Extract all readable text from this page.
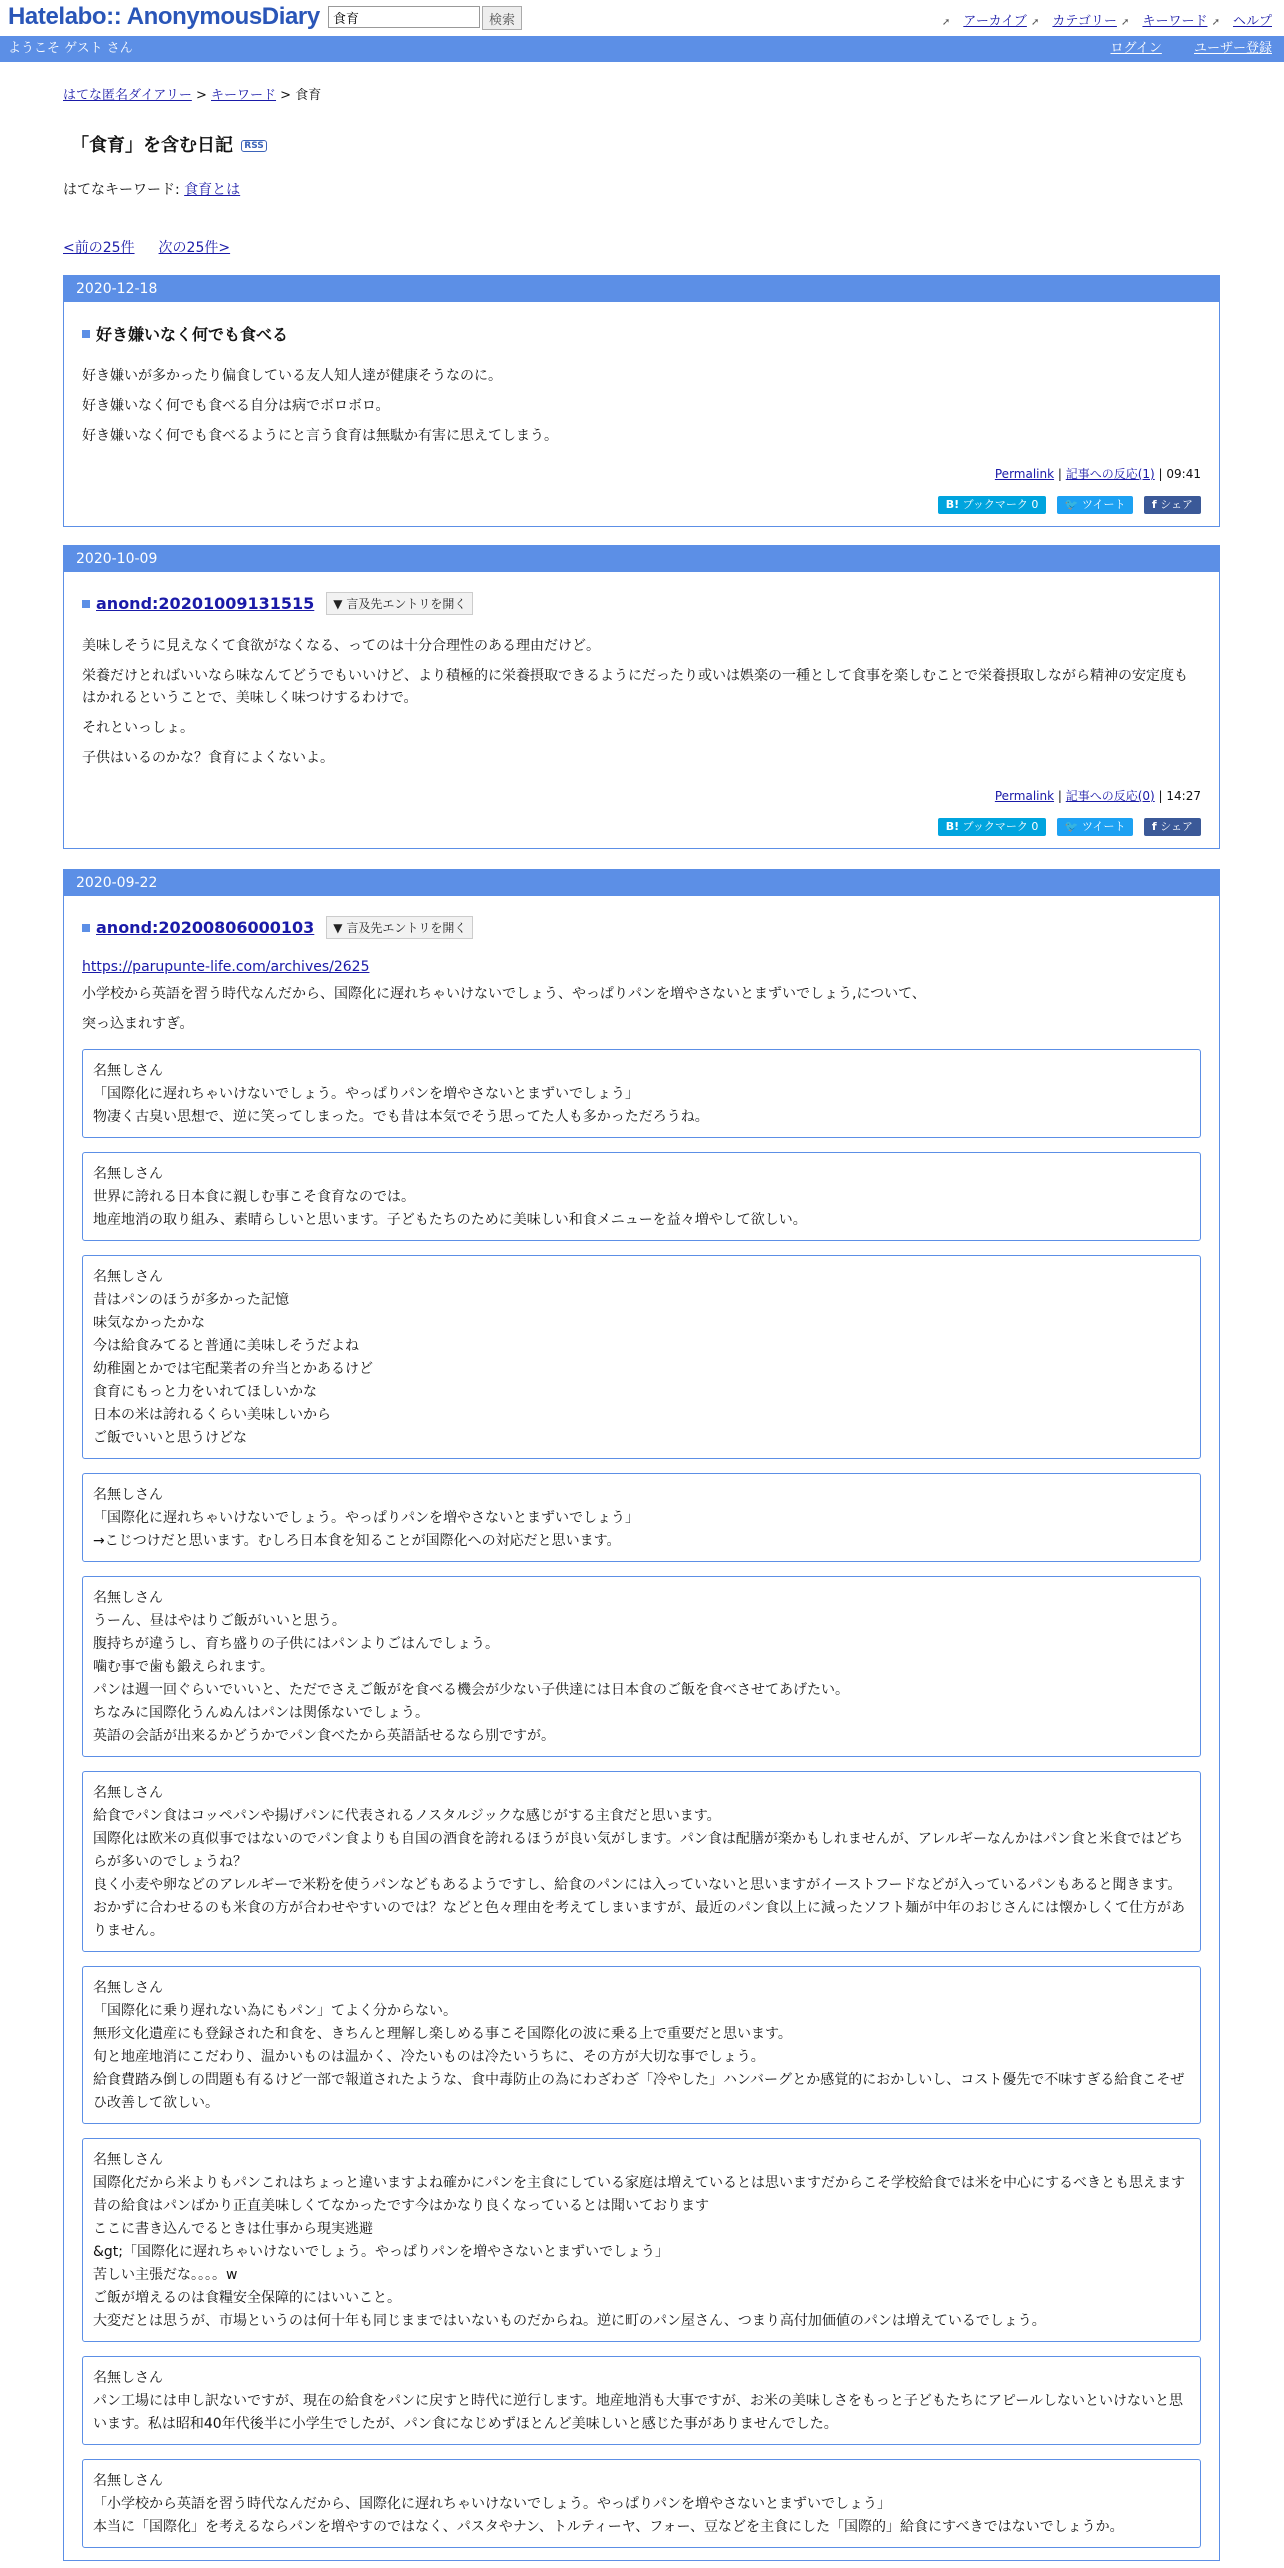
Hatelabo:: AnonymousDiary
食育	検索	➚ アーカイブ ➚ カテゴリー ➚ キーワード ➚ ヘルプ
ようこそ ゲスト さん	ログイン ユーザー登録
はてな匿名ダイアリー > キーワード > 食育
「食育」を含む日記 RSS
はてなキーワード: 食育とは
<前の25件 次の25件>
2020-12-18
好き嫌いなく何でも食べる
好き嫌いが多かったり偏食している友人知人達が健康そうなのに。
好き嫌いなく何でも食べる自分は病でボロボロ。
好き嫌いなく何でも食べるようにと言う食育は無駄か有害に思えてしまう。
Permalink | 記事への反応(1) | 09:41
B! ブックマーク 0 🐦 ツイート f シェア
2020-10-09
anond:20201009131515	▼ 言及先エントリを開く
美味しそうに見えなくて食欲がなくなる、ってのは十分合理性のある理由だけど。
栄養だけとればいいなら味なんてどうでもいいけど、より積極的に栄養摂取できるようにだったり或いは娯楽の一種として食事を楽しむことで栄養摂取しながら精神の安定度もはかれるということで、美味しく味つけするわけで。
それといっしょ。
子供はいるのかな？食育によくないよ。
Permalink | 記事への反応(0) | 14:27
B! ブックマーク 0 🐦 ツイート f シェア
2020-09-22
anond:20200806000103	▼ 言及先エントリを開く
https://parupunte-life.com/archives/2625
小学校から英語を習う時代なんだから、国際化に遅れちゃいけないでしょう、やっぱりパンを増やさないとまずいでしょう,について、
突っ込まれすぎ。
名無しさん
「国際化に遅れちゃいけないでしょう。やっぱりパンを増やさないとまずいでしょう」
物凄く古臭い思想で、逆に笑ってしまった。でも昔は本気でそう思ってた人も多かっただろうね。
名無しさん
世界に誇れる日本食に親しむ事こそ食育なのでは。
地産地消の取り組み、素晴らしいと思います。子どもたちのために美味しい和食メニューを益々増やして欲しい。
名無しさん
昔はパンのほうが多かった記憶
味気なかったかな
今は給食みてると普通に美味しそうだよね
幼稚園とかでは宅配業者の弁当とかあるけど
食育にもっと力をいれてほしいかな
日本の米は誇れるくらい美味しいから
ご飯でいいと思うけどな
名無しさん
「国際化に遅れちゃいけないでしょう。やっぱりパンを増やさないとまずいでしょう」
→こじつけだと思います。むしろ日本食を知ることが国際化への対応だと思います。
名無しさん
うーん、昼はやはりご飯がいいと思う。
腹持ちが違うし、育ち盛りの子供にはパンよりごはんでしょう。
噛む事で歯も鍛えられます。
パンは週一回ぐらいでいいと、ただでさえご飯がを食べる機会が少ない子供達には日本食のご飯を食べさせてあげたい。
ちなみに国際化うんぬんはパンは関係ないでしょう。
英語の会話が出来るかどうかでパン食べたから英語話せるなら別ですが。
名無しさん
給食でパン食はコッペパンや揚げパンに代表されるノスタルジックな感じがする主食だと思います。
国際化は欧米の真似事ではないのでパン食よりも自国の酒食を誇れるほうが良い気がします。パン食は配膳が楽かもしれませんが、アレルギーなんかはパン食と米食ではどちらが多いのでしょうね？
良く小麦や卵などのアレルギーで米粉を使うパンなどもあるようですし、給食のパンには入っていないと思いますがイーストフードなどが入っているパンもあると聞きます。
おかずに合わせるのも米食の方が合わせやすいのでは？などと色々理由を考えてしまいますが、最近のパン食以上に減ったソフト麺が中年のおじさんには懐かしくて仕方がありません。
名無しさん
「国際化に乗り遅れない為にもパン」てよく分からない。
無形文化遺産にも登録された和食を、きちんと理解し楽しめる事こそ国際化の波に乗る上で重要だと思います。
旬と地産地消にこだわり、温かいものは温かく、冷たいものは冷たいうちに、その方が大切な事でしょう。
給食費踏み倒しの問題も有るけど一部で報道されたような、食中毒防止の為にわざわざ「冷やした」ハンバーグとか感覚的におかしいし、コスト優先で不味すぎる給食こそぜひ改善して欲しい。
名無しさん
国際化だから米よりもパンこれはちょっと違いますよね確かにパンを主食にしている家庭は増えているとは思いますだからこそ学校給食では米を中心にするべきとも思えます
昔の給食はパンばかり正直美味しくてなかったです今はかなり良くなっているとは聞いております
ここに書き込んでるときは仕事から現実逃避
&gt;「国際化に遅れちゃいけないでしょう。やっぱりパンを増やさないとまずいでしょう」
苦しい主張だな。。。。w
ご飯が増えるのは食糧安全保障的にはいいこと。
大変だとは思うが、市場というのは何十年も同じままではいないものだからね。逆に町のパン屋さん、つまり高付加価値のパンは増えているでしょう。
名無しさん
パン工場には申し訳ないですが、現在の給食をパンに戻すと時代に逆行します。地産地消も大事ですが、お米の美味しさをもっと子どもたちにアピールしないといけないと思います。私は昭和40年代後半に小学生でしたが、パン食になじめずほとんど美味しいと感じた事がありませんでした。
名無しさん
「小学校から英語を習う時代なんだから、国際化に遅れちゃいけないでしょう。やっぱりパンを増やさないとまずいでしょう」
本当に「国際化」を考えるならパンを増やすのではなく、パスタやナン、トルティーヤ、フォー、豆などを主食にした「国際的」給食にすべきではないでしょうか。
